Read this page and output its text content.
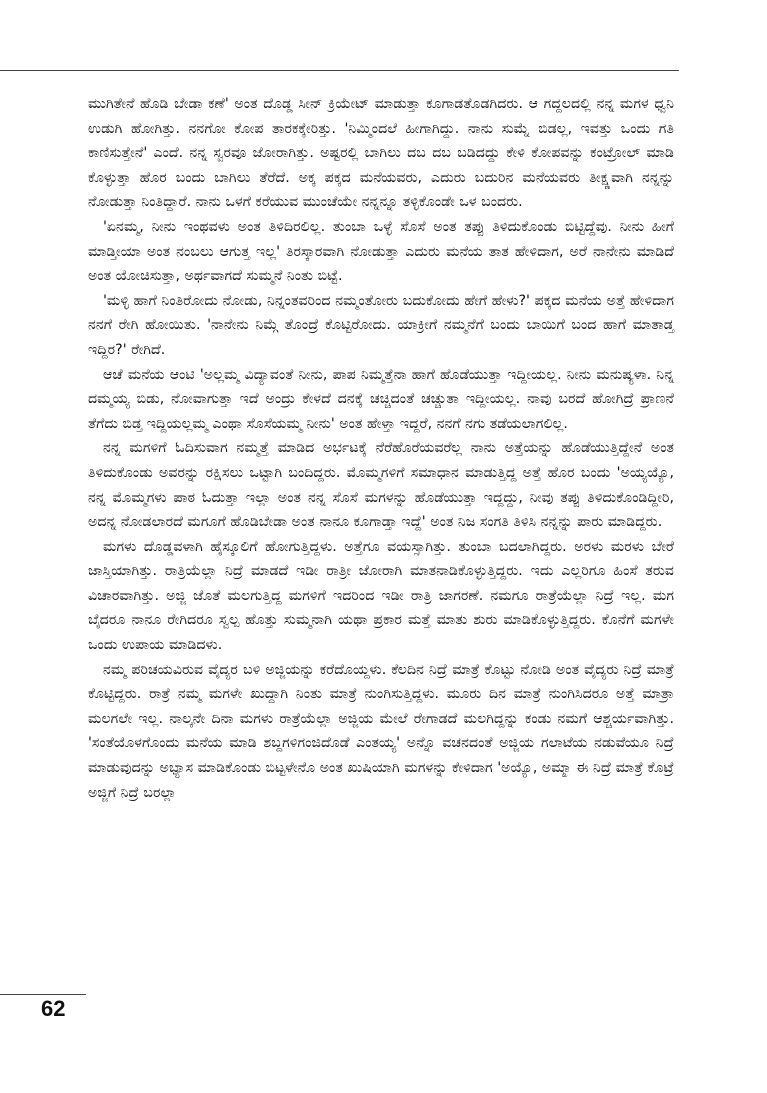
ಮುಗಿತೇನೆ ಹೊಡಿ ಬೇಡಾ ಕಣೆ' ಅಂತ ದೊಡ್ಡ ಸೀನ್ ಕ್ರಿಯೇಟ್ ಮಾಡುತ್ತಾ ಕೂಗಾಡತೊಡಗಿದರು. ಆ ಗದ್ದಲದಲ್ಲಿ ನನ್ನ ಮಗಳ ಧ್ವನಿ ಉಡುಗಿ ಹೋಗಿತ್ತು. ನನಗೋ ಕೋಪ ತಾರಕಕ್ಕೇರಿತ್ತು. 'ನಿಮ್ಮಿಂದಲೆ ಹೀಗಾಗಿದ್ದು. ನಾನು ಸುಮ್ನೆ ಬಿಡಲ್ಲ, ಇವತ್ತು ಒಂದು ಗತಿ ಕಾಣಿಸುತ್ತೇನೆ' ಎಂದೆ. ನನ್ನ ಸ್ವರವೂ ಜೋರಾಗಿತ್ತು. ಅಷ್ಟರಲ್ಲಿ ಬಾಗಿಲು ದಬ ದಬ ಬಡಿದದ್ದು ಕೇಳಿ ಕೋಪವನ್ನು ಕಂಟ್ರೋಲ್ ಮಾಡಿ ಕೊಳ್ಳುತ್ತಾ ಹೊರ ಬಂದು ಬಾಗಿಲು ತೆರೆದೆ. ಅಕ್ಕ ಪಕ್ಕದ ಮನೆಯವರು, ಎದುರು ಬದುರಿನ ಮನೆಯವರು ತೀಕ್ಷ್ಣವಾಗಿ ನನ್ನನ್ನು ನೋಡುತ್ತಾ ನಿಂತಿದ್ದಾರೆ. ನಾನು ಒಳಗೆ ಕರೆಯುವ ಮುಂಚೆಯೇ ನನ್ನನ್ನೂ ತಳ್ಳಿಕೊಂಡೇ ಒಳ ಬಂದರು.

'ಏನಮ್ಮ, ನೀನು ಇಂಥವಳು ಅಂತ ತಿಳಿದಿರಲಿಲ್ಲ. ತುಂಬಾ ಒಳ್ಳೆ ಸೊಸೆ ಅಂತ ತಪ್ಪು ತಿಳಿದುಕೊಂಡು ಬಿಟ್ಟಿದ್ದೆವು. ನೀನು ಹೀಗೆ ಮಾಡ್ತೀಯಾ ಅಂತ ನಂಬಲು ಆಗುತ್ತ ಇಲ್ಲ' ತಿರಸ್ಕಾರವಾಗಿ ನೋಡುತ್ತಾ ಎದುರು ಮನೆಯ ತಾತ ಹೇಳಿದಾಗ, ಅರೆ ನಾನೇನು ಮಾಡಿದೆ ಅಂತ ಯೋಚಿಸುತ್ತಾ, ಅರ್ಥವಾಗದೆ ಸುಮ್ಮನೆ ನಿಂತು ಬಿಟ್ಟೆ.

'ಮಳ್ಳಿ ಹಾಗೆ ನಿಂತಿರೋದು ನೋಡು, ನಿನ್ನಂತವರಿಂದ ನಮ್ಮಂತೋರು ಬದುಕೋದು ಹೇಗೆ ಹೇಳು?' ಪಕ್ಕದ ಮನೆಯ ಅತ್ತೆ ಹೇಳಿದಾಗ ನನಗೆ ರೇಗಿ ಹೋಯಿತು. 'ನಾನೇನು ನಿಮ್ಗೆ ತೊಂದ್ರೆ ಕೊಟ್ಟಿರೋದು. ಯಾಕ್ರೀಗೆ ನಮ್ಮನೆಗೆ ಬಂದು ಬಾಯಿಗೆ ಬಂದ ಹಾಗೆ ಮಾತಾಡ್ತ ಇದ್ದಿರ?' ರೇಗಿದೆ.

ಆಚೆ ಮನೆಯ ಆಂಟಿ 'ಅಲ್ಲಮ್ಮ ವಿದ್ಯಾವಂತೆ ನೀನು, ಪಾಪ ನಿಮ್ಮತ್ತೆನಾ ಹಾಗೆ ಹೊಡೆಯುತ್ತಾ ಇದ್ದೀಯಲ್ಲ. ನೀನು ಮನುಷ್ಯಳಾ. ನಿನ್ನ ದಮ್ಮಯ್ಯ ಬಿಡು, ನೋವಾಗುತ್ತಾ ಇದೆ ಅಂದ್ರು ಕೇಳದೆ ದನಕ್ಕೆ ಚಚ್ಚಿದಂತೆ ಚಚ್ಚುತಾ ಇದ್ದೀಯಲ್ಲ. ನಾವು ಬರದೆ ಹೋಗಿದ್ರೆ ಪ್ರಾಣನೆ ತೆಗೆದು ಬಿಡ್ತ ಇದ್ದಿಯಲ್ಲಮ್ಮ ಎಂಥಾ ಸೊಸೆಯಮ್ಮ ನೀನು' ಅಂತ ಹೇಳ್ತಾ ಇದ್ದರೆ, ನನಗೆ ನಗು ತಡೆಯಲಾಗಲಿಲ್ಲ.

ನನ್ನ ಮಗಳಿಗೆ ಓದಿಸುವಾಗ ನಮ್ಮತ್ತೆ ಮಾಡಿದ ಅರ್ಭಟಕ್ಕೆ ನೆರೆಹೊರೆಯವರೆಲ್ಲ ನಾನು ಅತ್ತೆಯನ್ನು ಹೊಡೆಯುತ್ತಿದ್ದೇನೆ ಅಂತ ತಿಳಿದುಕೊಂಡು ಅವರನ್ನು ರಕ್ಷಿಸಲು ಒಟ್ಟಾಗಿ ಬಂದಿದ್ದರು. ಮೊಮ್ಮಗಳಿಗೆ ಸಮಾಧಾನ ಮಾಡುತ್ತಿದ್ದ ಅತ್ತೆ ಹೊರ ಬಂದು 'ಅಯ್ಯಯ್ಯೊ, ನನ್ನ ಮೊಮ್ಮಗಳು ಪಾಠ ಓದುತ್ತಾ ಇಲ್ಲಾ ಅಂತ ನನ್ನ ಸೊಸೆ ಮಗಳನ್ನು ಹೊಡೆಯುತ್ತಾ ಇದ್ದದ್ದು, ನೀವು ತಪ್ಪು ತಿಳಿದುಕೊಂಡಿದ್ದೀರಿ, ಅದನ್ನ ನೋಡಲಾರದೆ ಮಗೂಗೆ ಹೊಡಿಬೇಡಾ ಅಂತ ನಾನೂ ಕೂಗಾಡ್ತಾ ಇದ್ದೆ' ಅಂತ ನಿಜ ಸಂಗತಿ ತಿಳಿಸಿ ನನ್ನನ್ನು ಪಾರು ಮಾಡಿದ್ದರು.

ಮಗಳು ದೊಡ್ಡವಳಾಗಿ ಹೈಸ್ಕೂಲಿಗೆ ಹೋಗುತ್ತಿದ್ದಳು. ಅತ್ತೆಗೂ ವಯಸ್ಸಾಗಿತ್ತು. ತುಂಬಾ ಬದಲಾಗಿದ್ದರು. ಅರಳು ಮರಳು ಬೇರೆ ಜಾಸ್ತಿಯಾಗಿತ್ತು. ರಾತ್ರಿಯೆಲ್ಲಾ ನಿದ್ರೆ ಮಾಡದೆ ಇಡೀ ರಾತ್ರೀ ಜೋರಾಗಿ ಮಾತನಾಡಿಕೊಳ್ಳುತ್ತಿದ್ದರು. ಇದು ಎಲ್ಲರಿಗೂ ಹಿಂಸೆ ತರುವ ವಿಚಾರವಾಗಿತ್ತು. ಅಜ್ಜಿ ಜೊತೆ ಮಲಗುತ್ತಿದ್ದ ಮಗಳಿಗೆ ಇದರಿಂದ ಇಡೀ ರಾತ್ರಿ ಜಾಗರಣೆ. ನಮಗೂ ರಾತ್ರೆಯೆಲ್ಲಾ ನಿದ್ರೆ ಇಲ್ಲ. ಮಗ ಬೈದರೂ ನಾನೂ ರೇಗಿದರೂ ಸ್ವಲ್ಪ ಹೊತ್ತು ಸುಮ್ಮನಾಗಿ ಯಥಾ ಪ್ರಕಾರ ಮತ್ತೆ ಮಾತು ಶುರು ಮಾಡಿಕೊಳ್ಳುತ್ತಿದ್ದರು. ಕೊನೆಗೆ ಮಗಳೇ ಒಂದು ಉಪಾಯ ಮಾಡಿದಳು.

ನಮ್ಮ ಪರಿಚಯವಿರುವ ವೈದ್ಯರ ಬಳಿ ಅಜ್ಜಿಯನ್ನು ಕರೆದೊಯ್ದಳು. ಕೆಲದಿನ ನಿದ್ರೆ ಮಾತ್ರೆ ಕೊಟ್ಟು ನೋಡಿ ಅಂತ ವೈದ್ಯರು ನಿದ್ರೆ ಮಾತ್ರೆ ಕೊಟ್ಟಿದ್ದರು. ರಾತ್ರೆ ನಮ್ಮ ಮಗಳೇ ಖುದ್ದಾಗಿ ನಿಂತು ಮಾತ್ರೆ ನುಂಗಿಸುತ್ತಿದ್ದಳು. ಮೂರು ದಿನ ಮಾತ್ರೆ ನುಂಗಿಸಿದರೂ ಅತ್ತೆ ಮಾತ್ರಾ ಮಲಗಲೇ ಇಲ್ಲ. ನಾಲ್ಕನೇ ದಿನಾ ಮಗಳು ರಾತ್ರೆಯೆಲ್ಲಾ ಅಜ್ಜಿಯ ಮೇಲೆ ರೇಗಾಡದೆ ಮಲಗಿದ್ದನ್ನು ಕಂಡು ನಮಗೆ ಆಶ್ಚರ್ಯವಾಗಿತ್ತು. 'ಸಂತೆಯೊಳಗೊಂದು ಮನೆಯ ಮಾಡಿ ಶಬ್ದಗಳಿಗಂಜಿದೊಡೆ ಎಂತಯ್ಯ' ಅನ್ನೊ ವಚನದಂತೆ ಅಜ್ಜಿಯ ಗಲಾಟೆಯ ನಡುವೆಯೂ ನಿದ್ರೆ ಮಾಡುವುದನ್ನು ಅಭ್ಯಾಸ ಮಾಡಿಕೊಂಡು ಬಿಟ್ಟಳೇನೊ ಅಂತ ಖುಷಿಯಾಗಿ ಮಗಳನ್ನು ಕೇಳಿದಾಗ 'ಅಯ್ಯೊ, ಅಮ್ಮಾ ಈ ನಿದ್ರೆ ಮಾತ್ರೆ ಕೊಟ್ರೆ ಅಜ್ಜಿಗೆ ನಿದ್ರೆ ಬರಲ್ಲಾ

62
